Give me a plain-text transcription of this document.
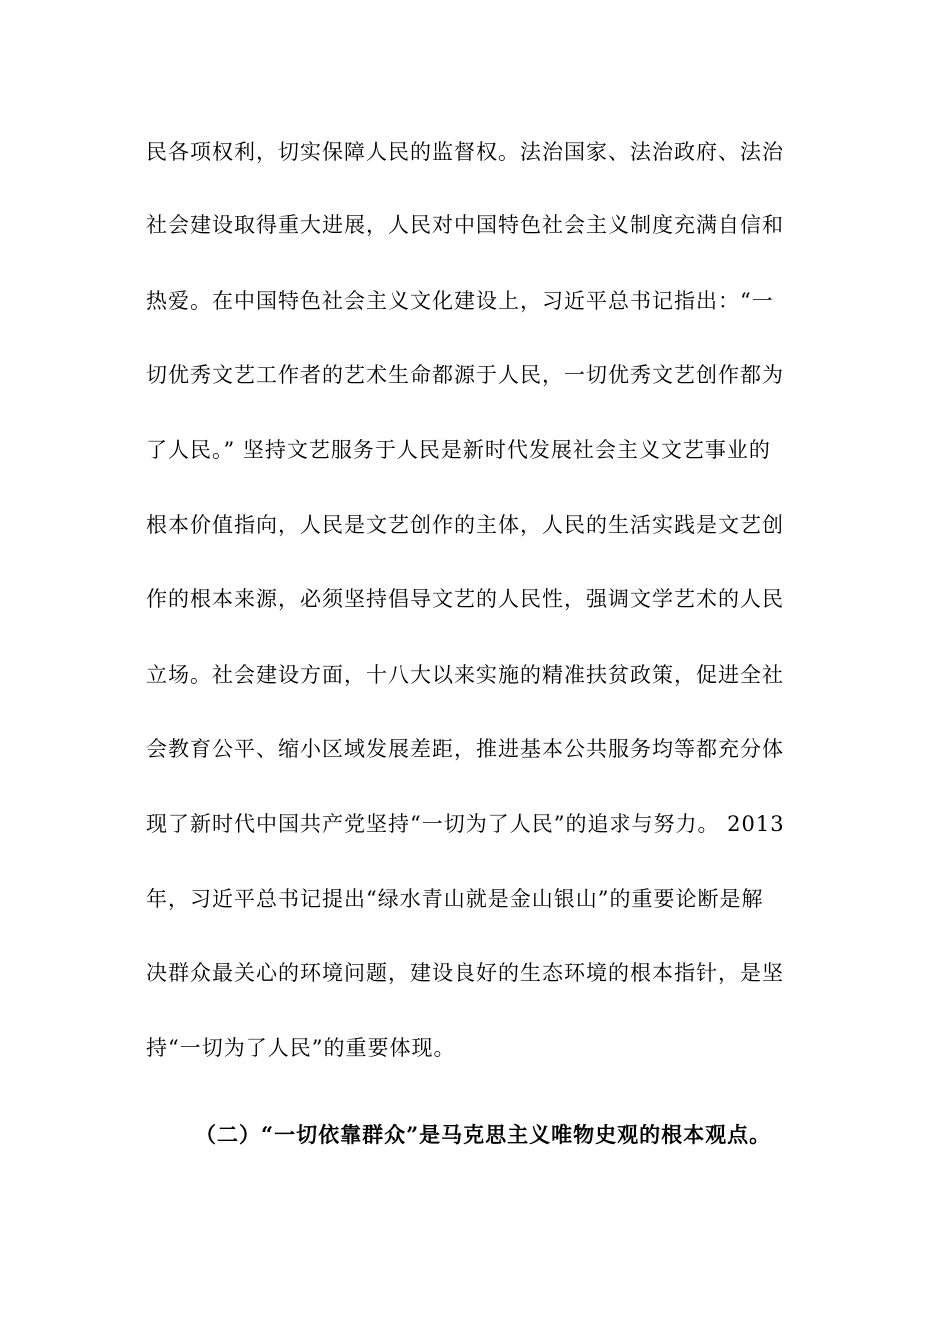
民各项权利，切实保障人民的监督权。法治国家、法治政府、法治
社会建设取得重大进展，人民对中国特色社会主义制度充满自信和
热爱。在中国特色社会主义文化建设上，习近平总书记指出：“一
切优秀文艺工作者的艺术生命都源于人民，一切优秀文艺创作都为
了人民。” 坚持文艺服务于人民是新时代发展社会主义文艺事业的
根本价值指向，人民是文艺创作的主体，人民的生活实践是文艺创
作的根本来源，必须坚持倡导文艺的人民性，强调文学艺术的人民
立场。社会建设方面，十八大以来实施的精准扶贫政策，促进全社
会教育公平、缩小区域发展差距，推进基本公共服务均等都充分体
现了新时代中国共产党坚持“一切为了人民”的追求与努力。 2013
年，习近平总书记提出“绿水青山就是金山银山”的重要论断是解
决群众最关心的环境问题，建设良好的生态环境的根本指针，是坚
持“一切为了人民”的重要体现。
（二）“一切依靠群众”是马克思主义唯物史观的根本观点。
